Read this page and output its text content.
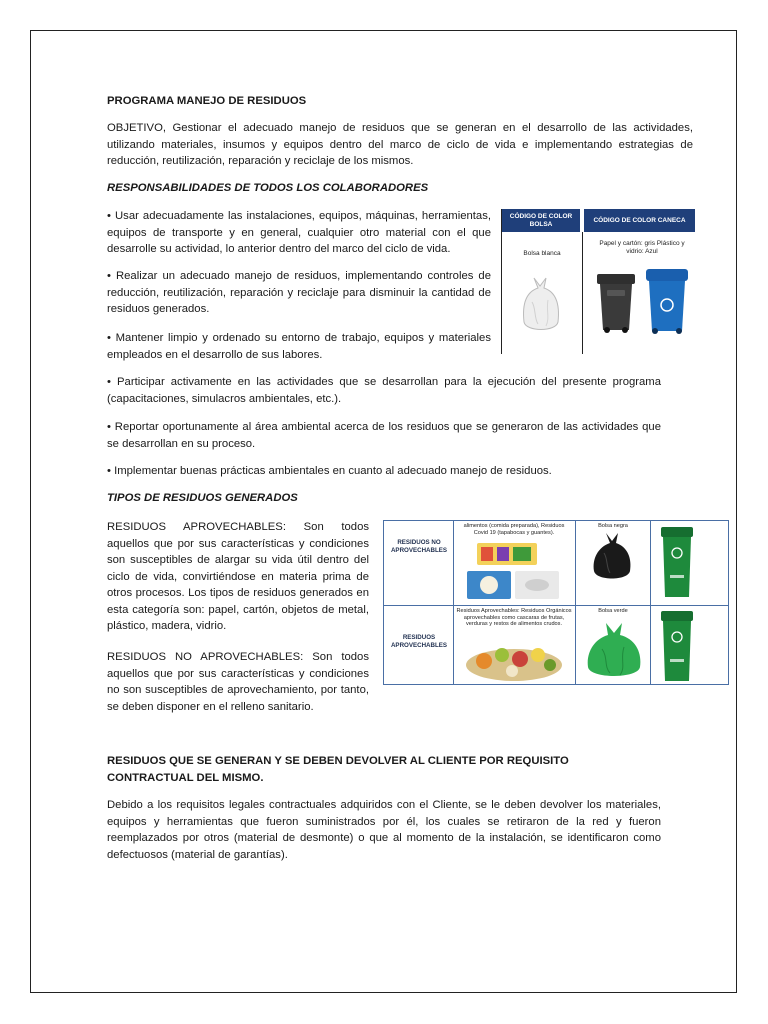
PROGRAMA MANEJO DE RESIDUOS

OBJETIVO, Gestionar el adecuado manejo de residuos que se generan en el desarrollo de las actividades, utilizando materiales, insumos y equipos dentro del marco de ciclo de vida e implementando estrategias de reducción, reutilización, reparación y reciclaje de los mismos.

RESPONSABILIDADES DE TODOS LOS COLABORADORES

• Usar adecuadamente las instalaciones, equipos, máquinas, herramientas, equipos de transporte y en general, cualquier otro material con el que desarrolle su actividad, lo anterior dentro del marco del ciclo de vida.

• Realizar un adecuado manejo de residuos, implementando controles de reducción, reutilización, reparación y reciclaje para disminuir la cantidad de residuos generados.

• Mantener limpio y ordenado su entorno de trabajo, equipos y materiales empleados en el desarrollo de sus labores.

• Participar activamente en las actividades que se desarrollan para la ejecución del presente programa (capacitaciones, simulacros ambientales, etc.).

• Reportar oportunamente al área ambiental acerca de los residuos que se generaron de las actividades que se desarrollan en su proceso.

• Implementar buenas prácticas ambientales en cuanto al adecuado manejo de residuos.

TIPOS DE RESIDUOS GENERADOS

RESIDUOS APROVECHABLES: Son todos aquellos que por sus características y condiciones son susceptibles de alargar su vida útil dentro del ciclo de vida, convirtiéndose en materia prima de otros procesos. Los tipos de residuos generados en esta categoría son: papel, cartón, objetos de metal, plástico, madera, vidrio.

RESIDUOS NO APROVECHABLES: Son todos aquellos que por sus características y condiciones no son susceptibles de aprovechamiento, por tanto, se deben disponer en el relleno sanitario.

RESIDUOS QUE SE GENERAN Y SE DEBEN DEVOLVER AL CLIENTE POR REQUISITO CONTRACTUAL DEL MISMO.

Debido a los requisitos legales contractuales adquiridos con el Cliente, se le deben devolver los materiales, equipos y herramientas que fueron suministrados por él, los cuales se retiraron de la red y fueron reemplazados por otros (material de desmonte) o que al momento de la instalación, se identificaron como defectuosos (material de garantías).

CÓDIGO DE COLOR BOLSA
CÓDIGO DE COLOR CANECA
Bolsa blanca
Papel y cartón: gris Plástico y vidrio: Azul
RESIDUOS NO APROVECHABLES
alimentos (comida preparada), Residuos Covid 19 (tapabocas y guantes).
Bolsa negra
RESIDUOS APROVECHABLES
Residuos Aprovechables: Residuos Orgánicos aprovechables como cascaras de frutas, verduras y restos de alimentos crudos.
Bolsa verde
